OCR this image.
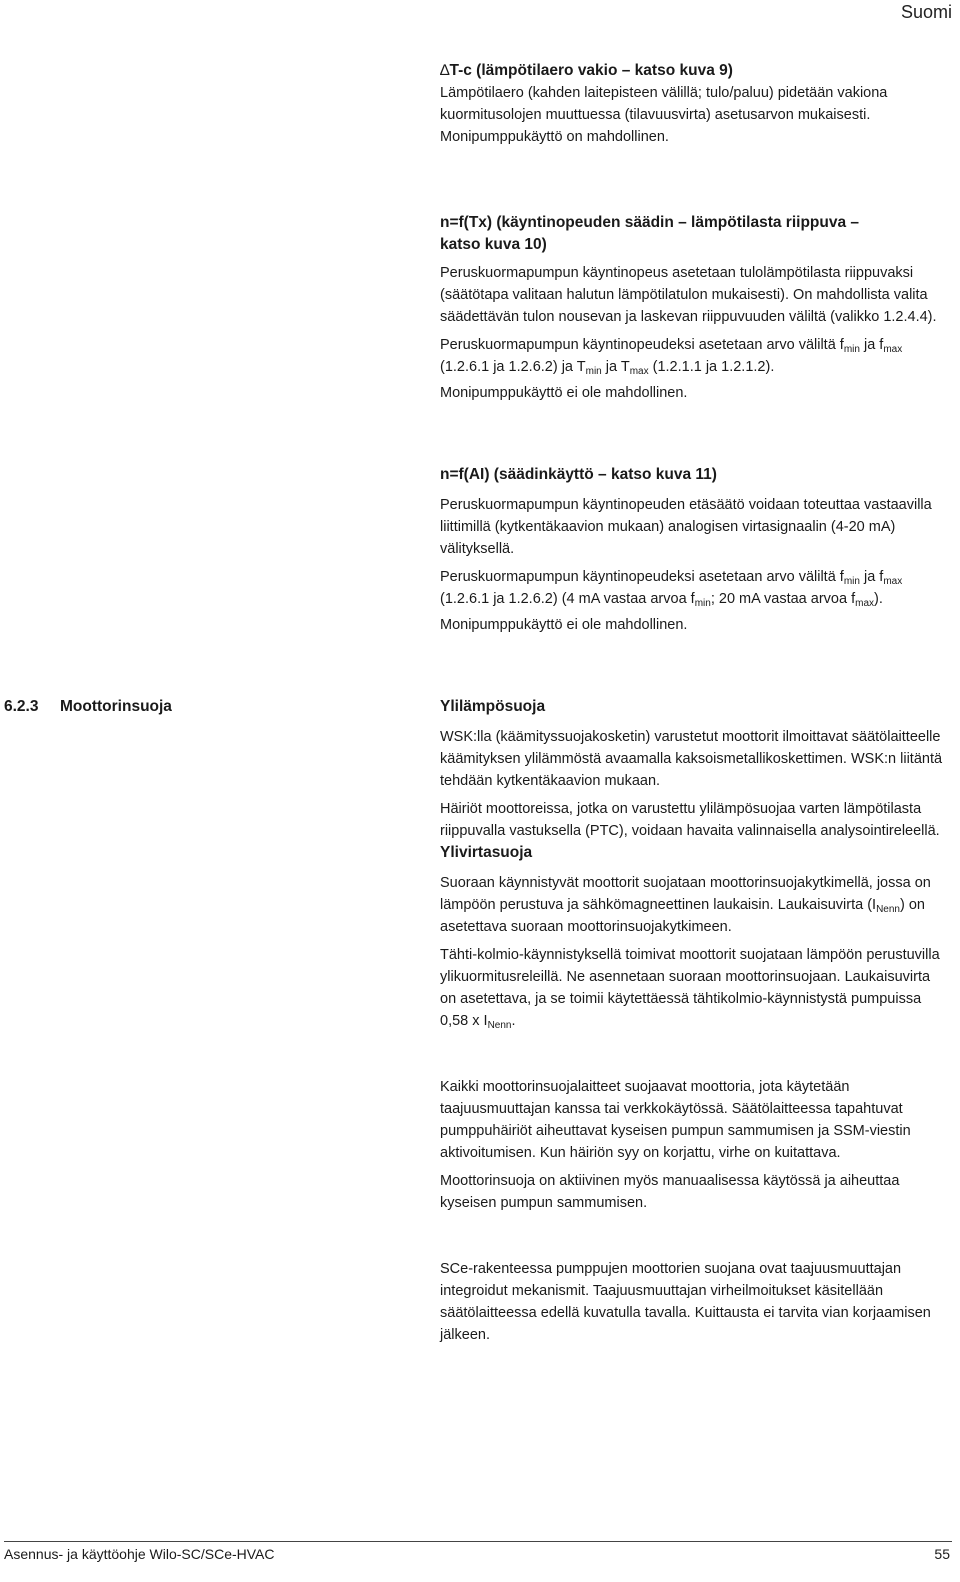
Suomi

∆T-c (lämpötilaero vakio – katso kuva 9)

Lämpötilaero (kahden laitepisteen välillä; tulo/paluu) pidetään vakiona kuormitusolojen muuttuessa (tilavuusvirta) asetusarvon mukaisesti.

Monipumppukäyttö on mahdollinen.

n=f(Tx) (käyntinopeuden säädin – lämpötilasta riippuva –

katso kuva 10)

Peruskuormapumpun käyntinopeus asetetaan tulolämpötilasta riippuvaksi (säätötapa valitaan halutun lämpötilatulon mukaisesti). On mahdollista valita säädettävän tulon nousevan ja laskevan riippuvuuden väliltä (valikko 1.2.4.4).

Peruskuormapumpun käyntinopeudeksi asetetaan arvo väliltä $f_{min}$ ja $f_{max}$ (1.2.6.1 ja 1.2.6.2) ja $T_{min}$ ja $T_{max}$ (1.2.1.1 ja 1.2.1.2).

Monipumppukäyttö ei ole mahdollinen.

n=f(AI) (säädinkäyttö – katso kuva 11)

Peruskuormapumpun käyntinopeuden etäsäätö voidaan toteuttaa vastaavilla liittimillä (kytkentäkaavion mukaan) analogisen virtasignaalin (4-20 mA) välityksellä.

Peruskuormapumpun käyntinopeudeksi asetetaan arvo väliltä $f_{min}$ ja $f_{max}$ (1.2.6.1 ja 1.2.6.2) (4 mA vastaa arvoa $f_{min}$; 20 mA vastaa arvoa $f_{max}$).

Monipumppukäyttö ei ole mahdollinen.

6.2.3 Moottorinsuoja	Ylilämpösuoja

WSK:lla (käämityssuojakosketin) varustetut moottorit ilmoittavat säätölaitteelle käämityksen ylilämmöstä avaamalla kaksoismetallikoskettimen. WSK:n liitäntä tehdään kytkentäkaavion mukaan.

Häiriöt moottoreissa, jotka on varustettu ylilämpösuojaa varten lämpötilasta riippuvalla vastuksella (PTC), voidaan havaita valinnaisella analysointireleellä.

Ylivirtasuoja

Suoraan käynnistyvät moottorit suojataan moottorinsuojakytkimellä, jossa on lämpöön perustuva ja sähkömagneettinen laukaisin. Laukaisuvirta $(I_{Nenn})$ on asetettava suoraan moottorinsuojakytkimeen.

Tähti-kolmio-käynnistyksellä toimivat moottorit suojataan lämpöön perustuvilla ylikuormitusreleillä. Ne asennetaan suoraan moottorinsuojaan. Laukaisuvirta on asetettava, ja se toimii käytettäessä tähtikolmio-käynnistystä pumpuissa 0,58 x $I_{Nenn}$.

Kaikki moottorinsuojalaitteet suojaavat moottoria, jota käytetään taajuusmuuttajan kanssa tai verkkokäytössä. Säätölaitteessa tapahtuvat pumppuhäiriöt aiheuttavat kyseisen pumpun sammumisen ja SSM-viestin aktivoitumisen. Kun häiriön syy on korjattu, virhe on kuitattava.

Moottorinsuoja on aktiivinen myös manuaalisessa käytössä ja aiheuttaa kyseisen pumpun sammumisen.

SCe-rakenteessa pumppujen moottorien suojana ovat taajuusmuuttajan integroidut mekanismit. Taajuusmuuttajan virheilmoitukset käsitellään säätölaitteessa edellä kuvatulla tavalla. Kuittausta ei tarvita vian korjaamisen jälkeen.

Asennus- ja käyttöohje Wilo-SC/SCe-HVAC	55
